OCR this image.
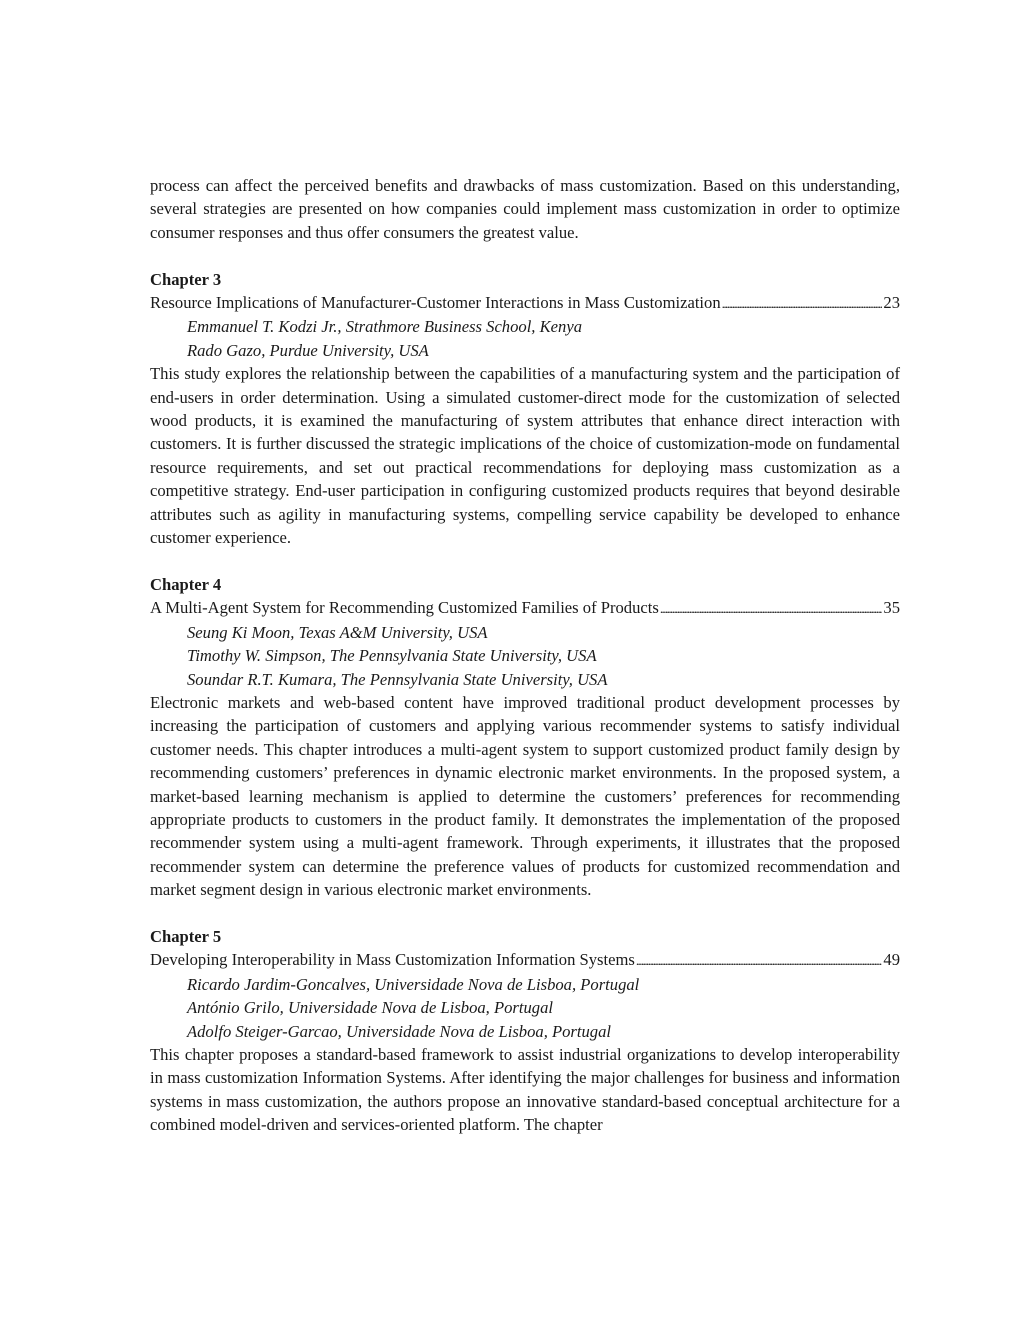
process can affect the perceived benefits and drawbacks of mass customization. Based on this understanding, several strategies are presented on how companies could implement mass customization in order to optimize consumer responses and thus offer consumers the greatest value.

Chapter 3

Resource Implications of Manufacturer-Customer Interactions in Mass Customization . . .	23

Emmanuel T. Kodzi Jr., Strathmore Business School, Kenya

Rado Gazo, Purdue University, USA

This study explores the relationship between the capabilities of a manufacturing system and the participation of end-users in order determination. Using a simulated customer-direct mode for the customization of selected wood products, it is examined the manufacturing of system attributes that enhance direct interaction with customers. It is further discussed the strategic implications of the choice of customization-mode on fundamental resource requirements, and set out practical recommendations for deploying mass customization as a competitive strategy. End-user participation in configuring customized products requires that beyond desirable attributes such as agility in manufacturing systems, compelling service capability be developed to enhance customer experience.

Chapter 4

A Multi-Agent System for Recommending Customized Families of Products . . .	35

Seung Ki Moon, Texas A&M University, USA

Timothy W. Simpson, The Pennsylvania State University, USA

Soundar R.T. Kumara, The Pennsylvania State University, USA

Electronic markets and web-based content have improved traditional product development processes by increasing the participation of customers and applying various recommender systems to satisfy individual customer needs. This chapter introduces a multi-agent system to support customized product family design by recommending customers’ preferences in dynamic electronic market environments. In the proposed system, a market-based learning mechanism is applied to determine the customers’ preferences for recommending appropriate products to customers in the product family. It demonstrates the implementation of the proposed recommender system using a multi-agent framework. Through experiments, it illustrates that the proposed recommender system can determine the preference values of products for customized recommendation and market segment design in various electronic market environments.

Chapter 5

Developing Interoperability in Mass Customization Information Systems . . .	49

Ricardo Jardim-Goncalves, Universidade Nova de Lisboa, Portugal

António Grilo, Universidade Nova de Lisboa, Portugal

Adolfo Steiger-Garcao, Universidade Nova de Lisboa, Portugal

This chapter proposes a standard-based framework to assist industrial organizations to develop interoperability in mass customization Information Systems. After identifying the major challenges for business and information systems in mass customization, the authors propose an innovative standard-based conceptual architecture for a combined model-driven and services-oriented platform. The chapter
